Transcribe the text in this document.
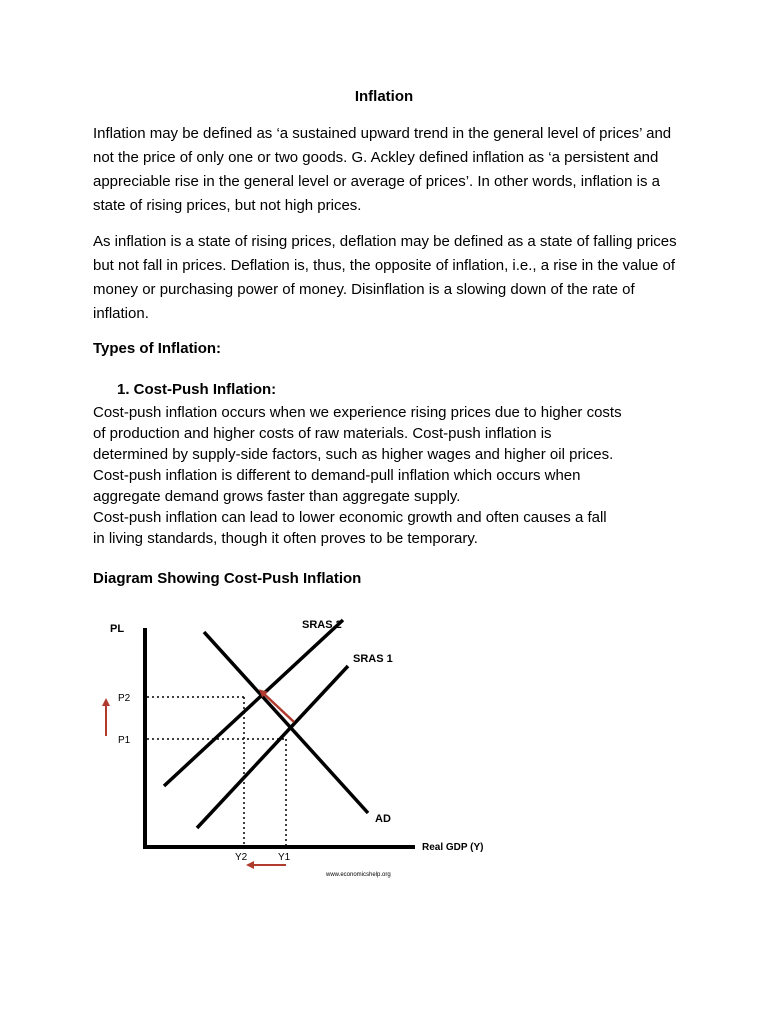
Inflation

Inflation may be defined as ‘a sustained upward trend in the general level of prices’ and not the price of only one or two goods. G. Ackley defined inflation as ‘a persistent and appreciable rise in the general level or average of prices’. In other words, inflation is a state of rising prices, but not high prices.

As inflation is a state of rising prices, deflation may be defined as a state of falling prices but not fall in prices. Deflation is, thus, the opposite of inflation, i.e., a rise in the value of money or purchasing power of money. Disinflation is a slowing down of the rate of inflation.

Types of Inflation:
1. Cost-Push Inflation:
Cost-push inflation occurs when we experience rising prices due to higher costs
of production and higher costs of raw materials. Cost-push inflation is
determined by supply-side factors, such as higher wages and higher oil prices.
Cost-push inflation is different to demand-pull inflation which occurs when
aggregate demand grows faster than aggregate supply.
Cost-push inflation can lead to lower economic growth and often causes a fall
in living standards, though it often proves to be temporary.
Diagram Showing Cost-Push Inflation
PL
Real GDP (Y)
SRAS 2
SRAS 1
AD
P2
P1
Y2	Y1
www.economicshelp.org
